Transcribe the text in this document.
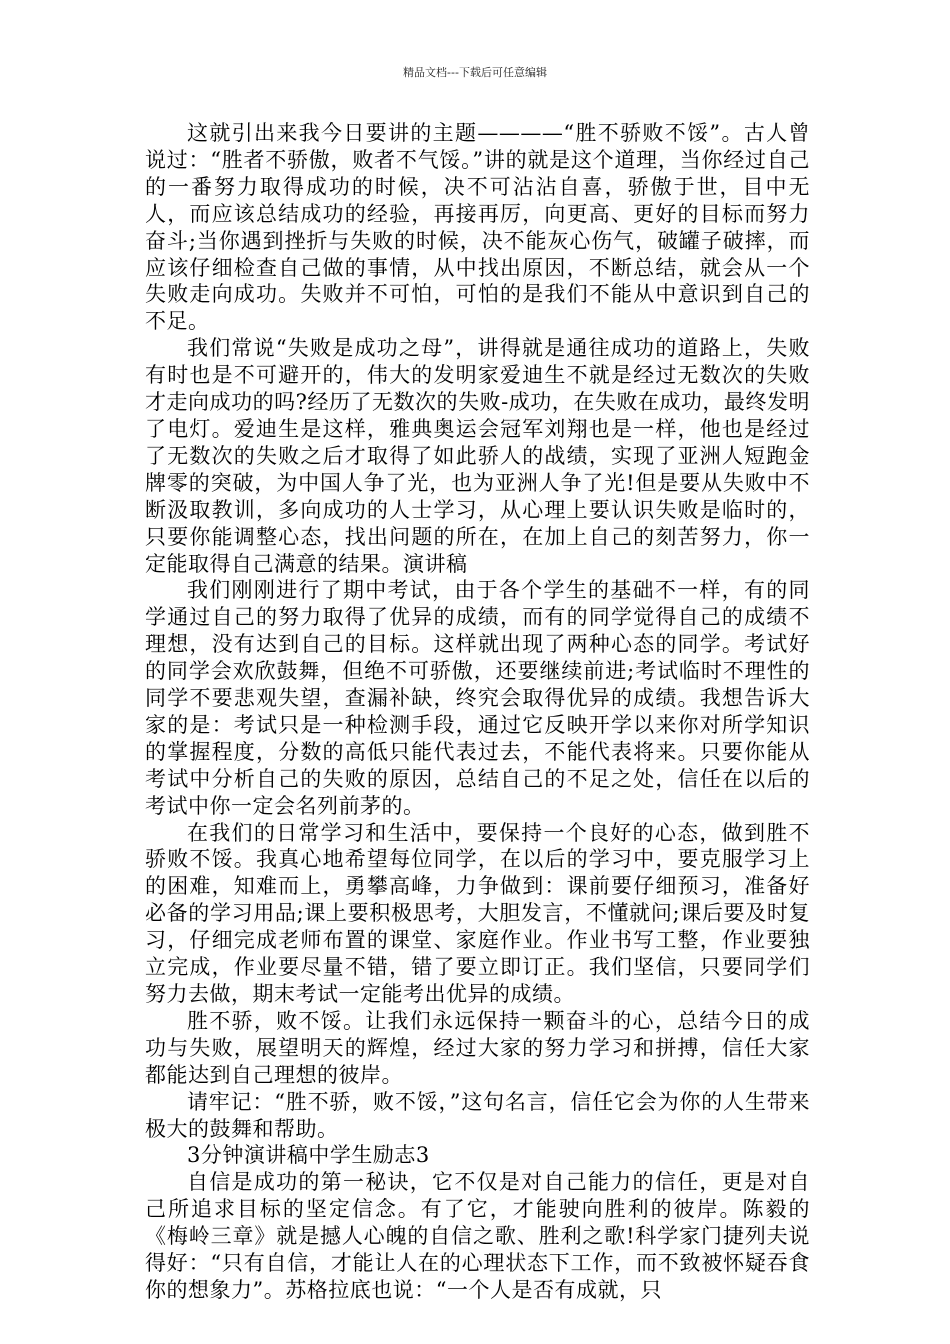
精品文档---下载后可任意编辑

这就引出来我今日要讲的主题————“胜不骄败不馁”。古人曾说过：“胜者不骄傲，败者不气馁。”讲的就是这个道理，当你经过自己的一番努力取得成功的时候，决不可沾沾自喜，骄傲于世，目中无人，而应该总结成功的经验，再接再厉，向更高、更好的目标而努力奋斗;当你遇到挫折与失败的时候，决不能灰心伤气，破罐子破摔，而应该仔细检查自己做的事情，从中找出原因，不断总结，就会从一个失败走向成功。失败并不可怕，可怕的是我们不能从中意识到自己的不足。

我们常说“失败是成功之母”，讲得就是通往成功的道路上，失败有时也是不可避开的，伟大的发明家爱迪生不就是经过无数次的失败才走向成功的吗?经历了无数次的失败-成功，在失败在成功，最终发明了电灯。爱迪生是这样，雅典奥运会冠军刘翔也是一样，他也是经过了无数次的失败之后才取得了如此骄人的战绩，实现了亚洲人短跑金牌零的突破，为中国人争了光，也为亚洲人争了光!但是要从失败中不断汲取教训，多向成功的人士学习，从心理上要认识失败是临时的，只要你能调整心态，找出问题的所在，在加上自己的刻苦努力，你一定能取得自己满意的结果。演讲稿

我们刚刚进行了期中考试，由于各个学生的基础不一样，有的同学通过自己的努力取得了优异的成绩，而有的同学觉得自己的成绩不理想，没有达到自己的目标。这样就出现了两种心态的同学。考试好的同学会欢欣鼓舞，但绝不可骄傲，还要继续前进;考试临时不理性的同学不要悲观失望，查漏补缺，终究会取得优异的成绩。我想告诉大家的是：考试只是一种检测手段，通过它反映开学以来你对所学知识的掌握程度，分数的高低只能代表过去，不能代表将来。只要你能从考试中分析自己的失败的原因，总结自己的不足之处，信任在以后的考试中你一定会名列前茅的。

在我们的日常学习和生活中，要保持一个良好的心态，做到胜不骄败不馁。我真心地希望每位同学，在以后的学习中，要克服学习上的困难，知难而上，勇攀高峰，力争做到：课前要仔细预习，准备好必备的学习用品;课上要积极思考，大胆发言，不懂就问;课后要及时复习，仔细完成老师布置的课堂、家庭作业。作业书写工整，作业要独立完成，作业要尽量不错，错了要立即订正。我们坚信，只要同学们努力去做，期末考试一定能考出优异的成绩。

胜不骄，败不馁。让我们永远保持一颗奋斗的心，总结今日的成功与失败，展望明天的辉煌，经过大家的努力学习和拼搏，信任大家都能达到自己理想的彼岸。

请牢记：“胜不骄，败不馁，”这句名言，信任它会为你的人生带来极大的鼓舞和帮助。

3分钟演讲稿中学生励志3

自信是成功的第一秘诀，它不仅是对自己能力的信任，更是对自己所追求目标的坚定信念。有了它，才能驶向胜利的彼岸。陈毅的《梅岭三章》就是撼人心魄的自信之歌、胜利之歌!科学家门捷列夫说得好：“只有自信，才能让人在的心理状态下工作，而不致被怀疑吞食你的想象力”。苏格拉底也说：“一个人是否有成就，只
